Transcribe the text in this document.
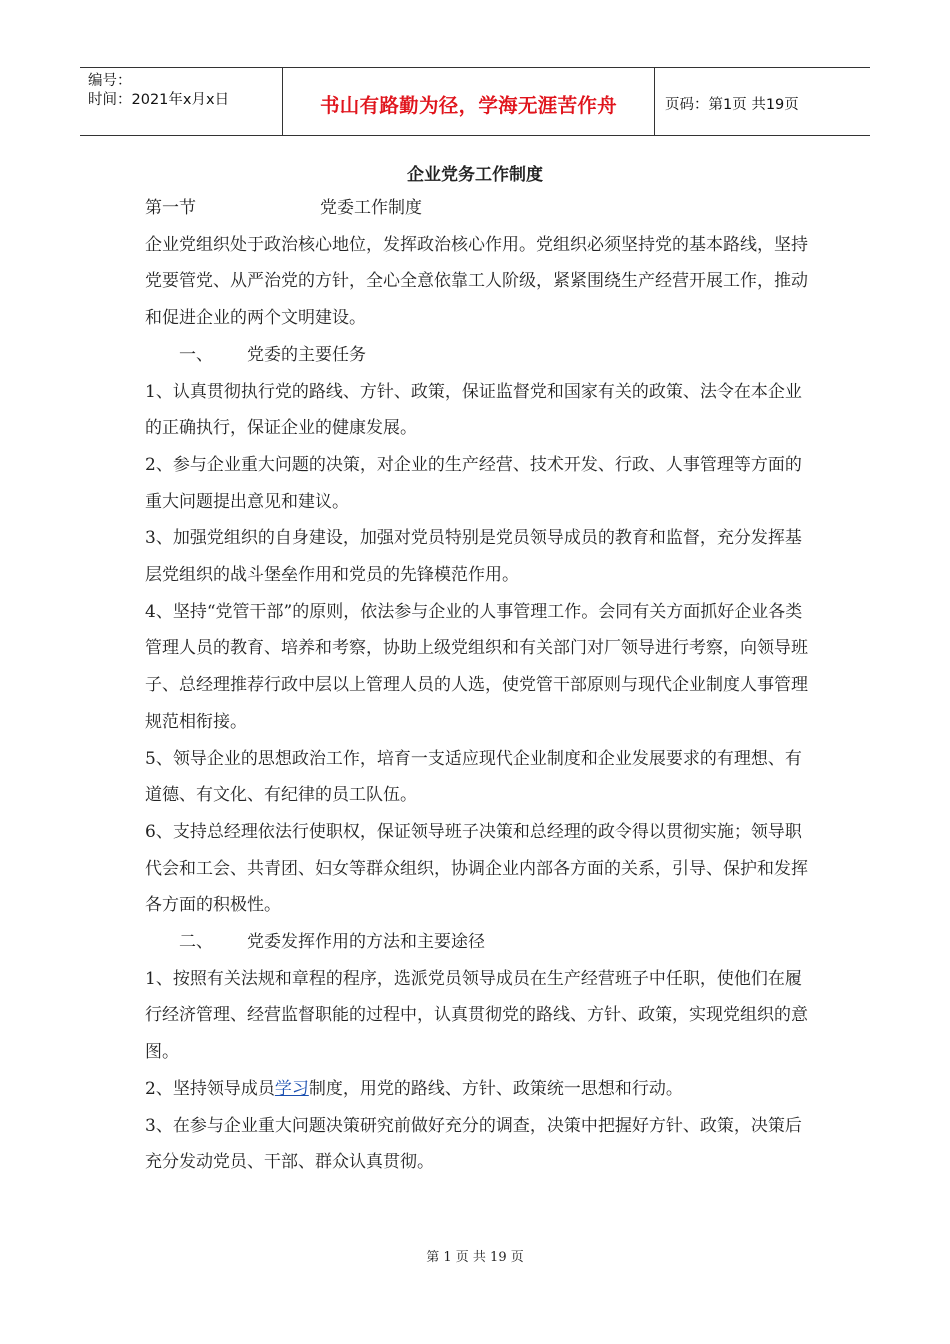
编号：
时间：2021年x月x日	书山有路勤为径，学海无涯苦作舟	页码：第1页 共19页
企业党务工作制度

第一节	党委工作制度

企业党组织处于政治核心地位，发挥政治核心作用。党组织必须坚持党的基本路线，坚持党要管党、从严治党的方针，全心全意依靠工人阶级，紧紧围绕生产经营开展工作，推动和促进企业的两个文明建设。

一、 党委的主要任务

1、认真贯彻执行党的路线、方针、政策，保证监督党和国家有关的政策、法令在本企业的正确执行，保证企业的健康发展。

2、参与企业重大问题的决策，对企业的生产经营、技术开发、行政、人事管理等方面的重大问题提出意见和建议。

3、加强党组织的自身建设，加强对党员特别是党员领导成员的教育和监督，充分发挥基层党组织的战斗堡垒作用和党员的先锋模范作用。

4、坚持“党管干部”的原则，依法参与企业的人事管理工作。会同有关方面抓好企业各类管理人员的教育、培养和考察，协助上级党组织和有关部门对厂领导进行考察，向领导班子、总经理推荐行政中层以上管理人员的人选，使党管干部原则与现代企业制度人事管理规范相衔接。

5、领导企业的思想政治工作，培育一支适应现代企业制度和企业发展要求的有理想、有道德、有文化、有纪律的员工队伍。

6、支持总经理依法行使职权，保证领导班子决策和总经理的政令得以贯彻实施；领导职代会和工会、共青团、妇女等群众组织，协调企业内部各方面的关系，引导、保护和发挥各方面的积极性。

二、 党委发挥作用的方法和主要途径

1、按照有关法规和章程的程序，选派党员领导成员在生产经营班子中任职，使他们在履行经济管理、经营监督职能的过程中，认真贯彻党的路线、方针、政策，实现党组织的意图。

2、坚持领导成员学习制度，用党的路线、方针、政策统一思想和行动。

3、在参与企业重大问题决策研究前做好充分的调查，决策中把握好方针、政策，决策后充分发动党员、干部、群众认真贯彻。

第 1 页 共 19 页
